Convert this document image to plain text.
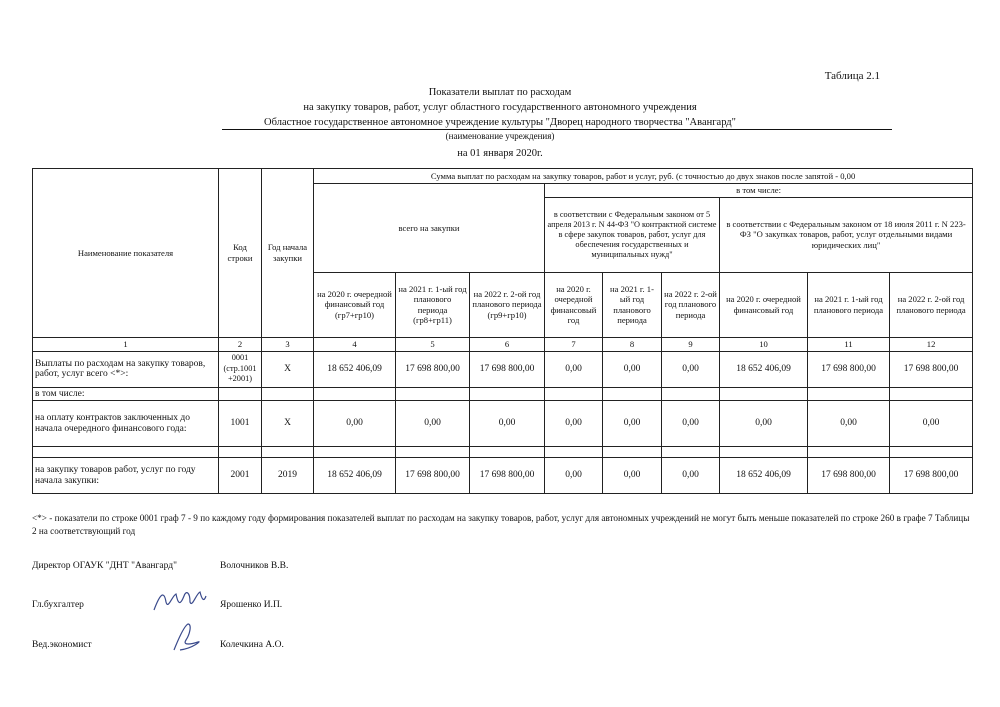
Таблица 2.1
Показатели выплат по расходам
на закупку товаров, работ, услуг областного государственного автономного учреждения
Областное государственное автономное учреждение культуры "Дворец народного творчества "Авангард"
(наименование учреждения)
на 01 января 2020г.
Наименование показателя	Код строки	Год начала закупки	Сумма выплат по расходам на закупку товаров, работ и услуг, руб. (с точностью до двух знаков после запятой - 0,00								
			всего на закупки			в том числе:					
						в соответствии с Федеральным законом от 5 апреля 2013 г. N 44-ФЗ "О контрактной системе в сфере закупок товаров, работ, услуг для обеспечения государственных и муниципальных нужд"			в соответствии с Федеральным законом от 18 июля 2011 г. N 223-ФЗ "О закупках товаров, работ, услуг отдельными видами юридических лиц"		
			на 2020 г. очередной финансовый год (гр7+гр10)	на 2021 г. 1-ый год планового периода (гр8+гр11)	на 2022 г. 2-ой год планового периода (гр9+гр10)	на 2020 г. очередной финансовый год	на 2021 г. 1-ый год планового периода	на 2022 г. 2-ой год планового периода	на 2020 г. очередной финансовый год	на 2021 г. 1-ый год планового периода	на 2022 г. 2-ой год планового периода
1	2	3	4	5	6	7	8	9	10	11	12
Выплаты по расходам на закупку товаров, работ, услуг всего <*>:	0001 (стр.1001 +2001)	X	18 652 406,09	17 698 800,00	17 698 800,00	0,00	0,00	0,00	18 652 406,09	17 698 800,00	17 698 800,00
в том числе:											
на оплату контрактов заключенных до начала очередного финансового года:	1001	X	0,00	0,00	0,00	0,00	0,00	0,00	0,00	0,00	0,00

на закупку товаров работ, услуг по году начала закупки:	2001	2019	18 652 406,09	17 698 800,00	17 698 800,00	0,00	0,00	0,00	18 652 406,09	17 698 800,00	17 698 800,00
<*> - показатели по строке 0001 граф 7 - 9 по каждому году формирования показателей выплат по расходам на закупку товаров, работ, услуг для автономных учреждений не могут быть меньше показателей по строке 260 в графе 7 Таблицы 2 на соответствующий год
Директор ОГАУК "ДНТ "Авангард"	Волочников В.В.
Гл.бухгалтер	Ярошенко И.П.
Вед.экономист	Колечкина А.О.
